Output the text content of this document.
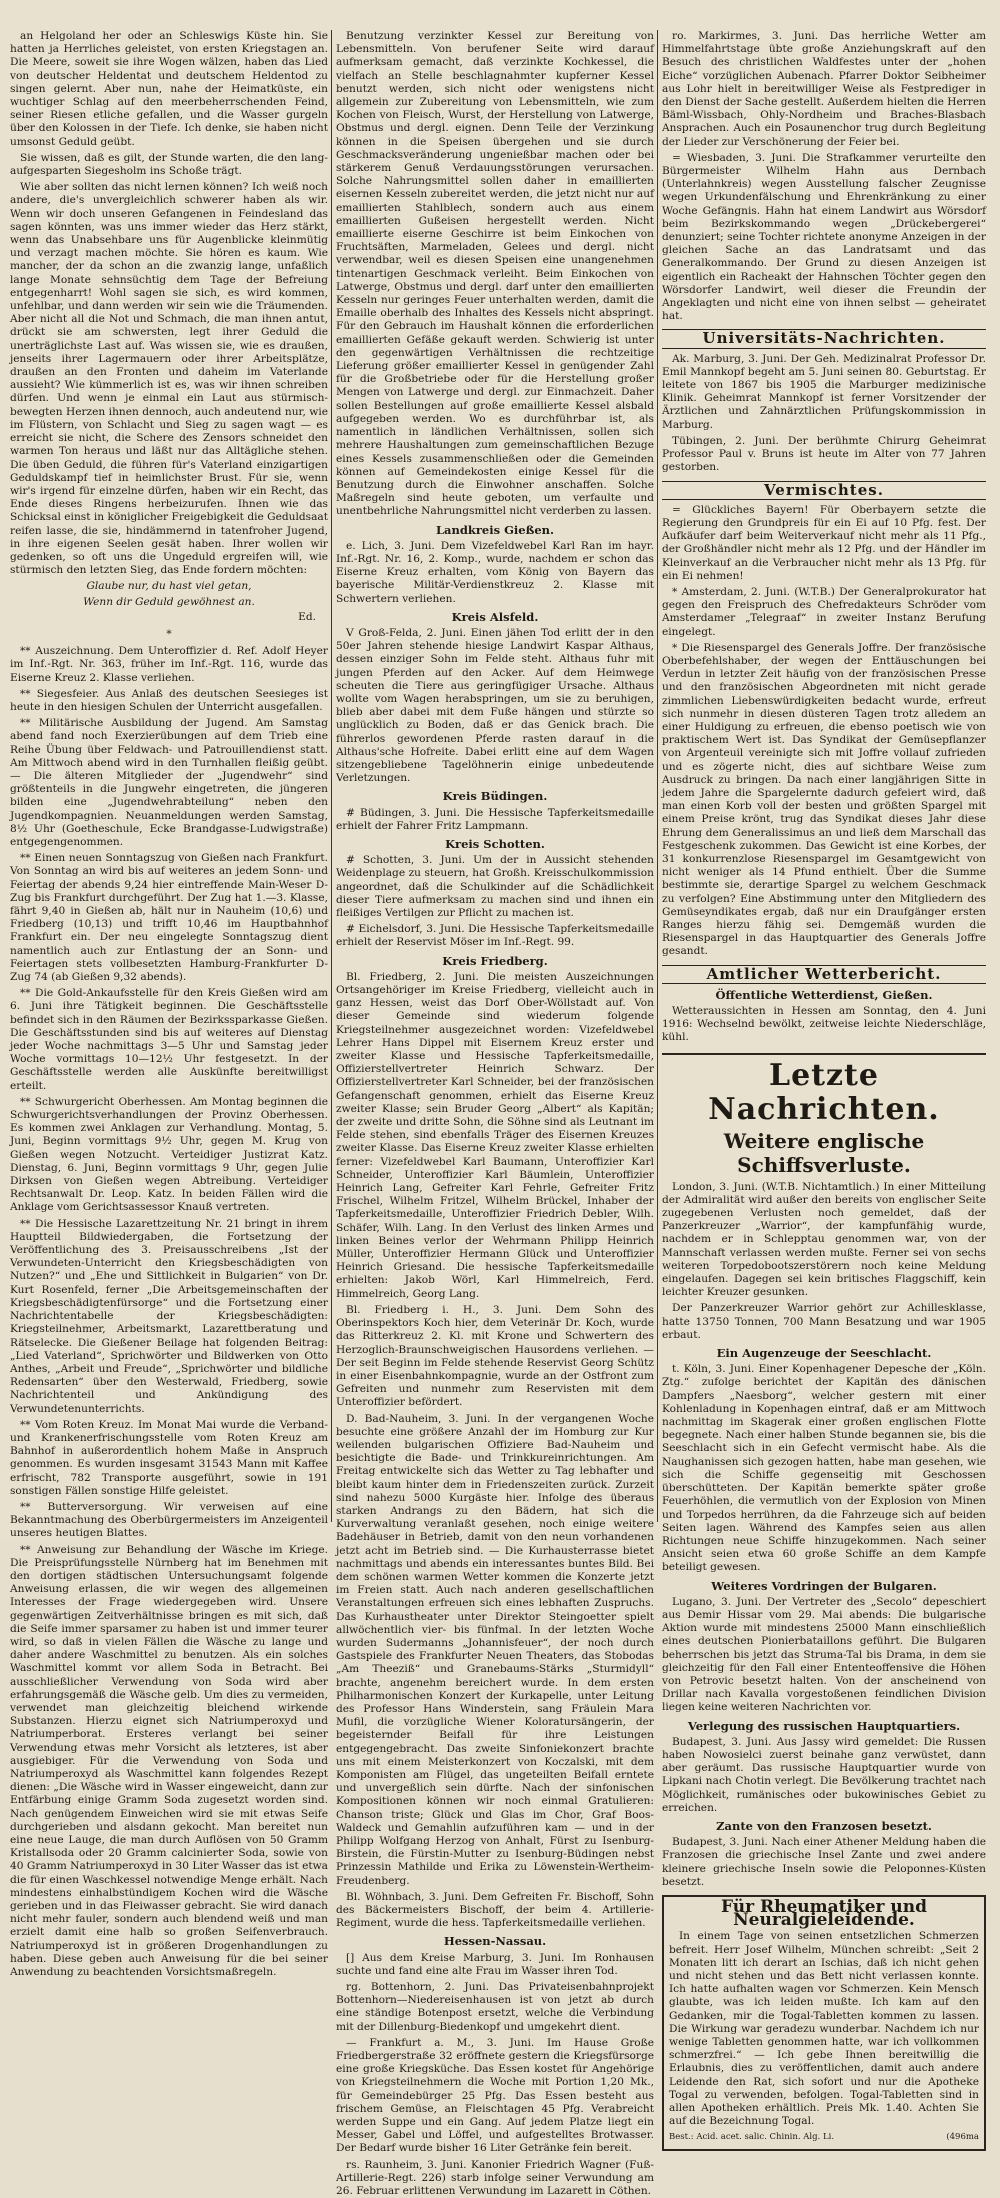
an Helgoland her oder an Schleswigs Küste hin. Sie hatten ja Herrliches geleistet, von ersten Kriegstagen an. Die Meere, soweit sie ihre Wogen wälzen, haben das Lied von deutscher Heldentat und deutschem Heldentod zu singen gelernt. Aber nun, nahe der Heimatküste, ein wuchtiger Schlag auf den meerbeherrschenden Feind, seiner Riesen etliche gefallen, und die Wasser gurgeln über den Kolossen in der Tiefe. Ich denke, sie haben nicht umsonst Geduld geübt.

Sie wissen, daß es gilt, der Stunde warten, die den lang-aufgesparten Siegesholm ins Schoße trägt.

Wie aber sollten das nicht lernen können? Ich weiß noch andere, die's unvergleichlich schwerer haben als wir. Wenn wir doch unseren Gefangenen in Feindesland das sagen könnten, was uns immer wieder das Herz stärkt, wenn das Unabsehbare uns für Augenblicke kleinmütig und verzagt machen möchte. Sie hören es kaum. Wie mancher, der da schon an die zwanzig lange, unfaßlich lange Monate sehnsüchtig dem Tage der Befreiung entgegenharrt! Wohl sagen sie sich, es wird kommen, unfehlbar, und dann werden wir sein wie die Träumenden. Aber nicht all die Not und Schmach, die man ihnen antut, drückt sie am schwersten, legt ihrer Geduld die unerträglichste Last auf. Was wissen sie, wie es draußen, jenseits ihrer Lagermauern oder ihrer Arbeitsplätze, draußen an den Fronten und daheim im Vaterlande aussieht? Wie kümmerlich ist es, was wir ihnen schreiben dürfen. Und wenn je einmal ein Laut aus stürmisch-bewegten Herzen ihnen dennoch, auch andeutend nur, wie im Flüstern, von Schlacht und Sieg zu sagen wagt — es erreicht sie nicht, die Schere des Zensors schneidet den warmen Ton heraus und läßt nur das Alltägliche stehen. Die üben Geduld, die führen für's Vaterland einzigartigen Geduldskampf tief in heimlichster Brust. Für sie, wenn wir's irgend für einzelne dürfen, haben wir ein Recht, das Ende dieses Ringens herbeizurufen. Ihnen wie das Schicksal einst in königlicher Freigebigkeit die Geduldsaat reifen lasse, die sie, hindämmernd in tatenfroher Jugend, in ihre eigenen Seelen gesät haben. Ihrer wollen wir gedenken, so oft uns die Ungeduld ergreifen will, wie stürmisch den letzten Sieg, das Ende fordern möchten:

Glaube nur, du hast viel getan,

Wenn dir Geduld gewöhnest an.

Ed.

*

** Auszeichnung. Dem Unteroffizier d. Ref. Adolf Heyer im Inf.-Rgt. Nr. 363, früher im Inf.-Rgt. 116, wurde das Eiserne Kreuz 2. Klasse verliehen.

** Siegesfeier. Aus Anlaß des deutschen Seesieges ist heute in den hiesigen Schulen der Unterricht ausgefallen.

** Militärische Ausbildung der Jugend. Am Samstag abend fand noch Exerzierübungen auf dem Trieb eine Reihe Übung über Feldwach- und Patrouillendienst statt. Am Mittwoch abend wird in den Turnhallen fleißig geübt. — Die älteren Mitglieder der „Jugendwehr“ sind größtenteils in die Jungwehr eingetreten, die jüngeren bilden eine „Jugendwehrabteilung“ neben den Jugendkompagnien. Neuanmeldungen werden Samstag, 8½ Uhr (Goetheschule, Ecke Brandgasse-Ludwigstraße) entgegengenommen.

** Einen neuen Sonntagszug von Gießen nach Frankfurt. Von Sonntag an wird bis auf weiteres an jedem Sonn- und Feiertag der abends 9,24 hier eintreffende Main-Weser D-Zug bis Frankfurt durchgeführt. Der Zug hat 1.—3. Klasse, fährt 9,40 in Gießen ab, hält nur in Nauheim (10,6) und Friedberg (10,13) und trifft 10,46 im Hauptbahnhof Frankfurt ein. Der neu eingelegte Sonntagszug dient namentlich auch zur Entlastung der an Sonn- und Feiertagen stets vollbesetzten Hamburg-Frankfurter D-Zug 74 (ab Gießen 9,32 abends).

** Die Gold-Ankaufsstelle für den Kreis Gießen wird am 6. Juni ihre Tätigkeit beginnen. Die Geschäftsstelle befindet sich in den Räumen der Bezirkssparkasse Gießen. Die Geschäftsstunden sind bis auf weiteres auf Dienstag jeder Woche nachmittags 3—5 Uhr und Samstag jeder Woche vormittags 10—12½ Uhr festgesetzt. In der Geschäftsstelle werden alle Auskünfte bereitwilligst erteilt.

** Schwurgericht Oberhessen. Am Montag beginnen die Schwurgerichtsverhandlungen der Provinz Oberhessen. Es kommen zwei Anklagen zur Verhandlung. Montag, 5. Juni, Beginn vormittags 9½ Uhr, gegen M. Krug von Gießen wegen Notzucht. Verteidiger Justizrat Katz. Dienstag, 6. Juni, Beginn vormittags 9 Uhr, gegen Julie Dirksen von Gießen wegen Abtreibung. Verteidiger Rechtsanwalt Dr. Leop. Katz. In beiden Fällen wird die Anklage vom Gerichtsassessor Knauß vertreten.

** Die Hessische Lazarettzeitung Nr. 21 bringt in ihrem Hauptteil Bildwiedergaben, die Fortsetzung der Veröffentlichung des 3. Preisausschreibens „Ist der Verwundeten-Unterricht den Kriegsbeschädigten von Nutzen?“ und „Ehe und Sittlichkeit in Bulgarien“ von Dr. Kurt Rosenfeld, ferner „Die Arbeitsgemeinschaften der Kriegsbeschädigtenfürsorge“ und die Fortsetzung einer Nachrichtentabelle der Kriegsbeschädigten: Kriegsteilnehmer, Arbeitsmarkt, Lazarettberatung und Rätselecke. Die Gießener Beilage hat folgenden Beitrag: „Lied Vaterland“, Sprichwörter und Bildwerken von Otto Anthes, „Arbeit und Freude“, „Sprichwörter und bildliche Redensarten“ über den Westerwald, Friedberg, sowie Nachrichtenteil und Ankündigung des Verwundetenunterrichts.

** Vom Roten Kreuz. Im Monat Mai wurde die Verband- und Krankenerfrischungsstelle vom Roten Kreuz am Bahnhof in außerordentlich hohem Maße in Anspruch genommen. Es wurden insgesamt 31543 Mann mit Kaffee erfrischt, 782 Transporte ausgeführt, sowie in 191 sonstigen Fällen sonstige Hilfe geleistet.

** Butterversorgung. Wir verweisen auf eine Bekanntmachung des Oberbürgermeisters im Anzeigenteil unseres heutigen Blattes.

** Anweisung zur Behandlung der Wäsche im Kriege. Die Preisprüfungsstelle Nürnberg hat im Benehmen mit den dortigen städtischen Untersuchungsamt folgende Anweisung erlassen, die wir wegen des allgemeinen Interesses der Frage wiedergegeben wird. Unsere gegenwärtigen Zeitverhältnisse bringen es mit sich, daß die Seife immer sparsamer zu haben ist und immer teurer wird, so daß in vielen Fällen die Wäsche zu lange und daher andere Waschmittel zu benutzen. Als ein solches Waschmittel kommt vor allem Soda in Betracht. Bei ausschließlicher Verwendung von Soda wird aber erfahrungsgemäß die Wäsche gelb. Um dies zu vermeiden, verwendet man gleichzeitig bleichend wirkende Substanzen. Hierzu eignet sich Natriumperoxyd und Natriumperborat. Ersteres verlangt bei seiner Verwendung etwas mehr Vorsicht als letzteres, ist aber ausgiebiger. Für die Verwendung von Soda und Natriumperoxyd als Waschmittel kann folgendes Rezept dienen: „Die Wäsche wird in Wasser eingeweicht, dann zur Entfärbung einige Gramm Soda zugesetzt worden sind. Nach genügendem Einweichen wird sie mit etwas Seife durchgerieben und alsdann gekocht. Man bereitet nun eine neue Lauge, die man durch Auflösen von 50 Gramm Kristallsoda oder 20 Gramm calcinierter Soda, sowie von 40 Gramm Natriumperoxyd in 30 Liter Wasser das ist etwa die für einen Waschkessel notwendige Menge erhält. Nach mindestens einhalbstündigem Kochen wird die Wäsche gerieben und in das Fleiwasser gebracht. Sie wird danach nicht mehr fauler, sondern auch blendend weiß und man erzielt damit eine halb so großen Seifenverbrauch. Natriumperoxyd ist in größeren Drogenhandlungen zu haben. Diese geben auch Anweisung für die bei seiner Anwendung zu beachtenden Vorsichtsmaßregeln.

Benutzung verzinkter Kessel zur Bereitung von Lebensmitteln. Von berufener Seite wird darauf aufmerksam gemacht, daß verzinkte Kochkessel, die vielfach an Stelle beschlagnahmter kupferner Kessel benutzt werden, sich nicht oder wenigstens nicht allgemein zur Zubereitung von Lebensmitteln, wie zum Kochen von Fleisch, Wurst, der Herstellung von Latwerge, Obstmus und dergl. eignen. Denn Teile der Verzinkung können in die Speisen übergehen und sie durch Geschmacksveränderung ungenießbar machen oder bei stärkerem Genuß Verdauungsstörungen verursachen. Solche Nahrungsmittel sollen daher in emaillierten eisernen Kesseln zubereitet werden, die jetzt nicht nur auf emaillierten Stahlblech, sondern auch aus einem emaillierten Gußeisen hergestellt werden. Nicht emaillierte eiserne Geschirre ist beim Einkochen von Fruchtsäften, Marmeladen, Gelees und dergl. nicht verwendbar, weil es diesen Speisen eine unangenehmen tintenartigen Geschmack verleiht. Beim Einkochen von Latwerge, Obstmus und dergl. darf unter den emaillierten Kesseln nur geringes Feuer unterhalten werden, damit die Emaille oberhalb des Inhaltes des Kessels nicht abspringt. Für den Gebrauch im Haushalt können die erforderlichen emaillierten Gefäße gekauft werden. Schwierig ist unter den gegenwärtigen Verhältnissen die rechtzeitige Lieferung größer emaillierter Kessel in genügender Zahl für die Großbetriebe oder für die Herstellung großer Mengen von Latwerge und dergl. zur Einmachzeit. Daher sollen Bestellungen auf große emaillierte Kessel alsbald aufgegeben werden. Wo es durchführbar ist, als namentlich in ländlichen Verhältnissen, sollen sich mehrere Haushaltungen zum gemeinschaftlichen Bezuge eines Kessels zusammenschließen oder die Gemeinden können auf Gemeindekosten einige Kessel für die Benutzung durch die Einwohner anschaffen. Solche Maßregeln sind heute geboten, um verfaulte und unentbehrliche Nahrungsmittel nicht verderben zu lassen.

Landkreis Gießen.

e. Lich, 3. Juni. Dem Vizefeldwebel Karl Ran im hayr. Inf.-Rgt. Nr. 16, 2. Komp., wurde, nachdem er schon das Eiserne Kreuz erhalten, vom König von Bayern das bayerische Militär-Verdienstkreuz 2. Klasse mit Schwertern verliehen.

Kreis Alsfeld.

V Groß-Felda, 2. Juni. Einen jähen Tod erlitt der in den 50er Jahren stehende hiesige Landwirt Kaspar Althaus, dessen einziger Sohn im Felde steht. Althaus fuhr mit jungen Pferden auf den Acker. Auf dem Heimwege scheuten die Tiere aus geringfügiger Ursache. Althaus wollte vom Wagen herabspringen, um sie zu beruhigen, blieb aber dabei mit dem Fuße hängen und stürzte so unglücklich zu Boden, daß er das Genick brach. Die führerlos gewordenen Pferde rasten darauf in die Althaus'sche Hofreite. Dabei erlitt eine auf dem Wagen sitzengebliebene Tagelöhnerin einige unbedeutende Verletzungen.

Kreis Büdingen.

# Büdingen, 3. Juni. Die Hessische Tapferkeitsmedaille erhielt der Fahrer Fritz Lampmann.

Kreis Schotten.

# Schotten, 3. Juni. Um der in Aussicht stehenden Weidenplage zu steuern, hat Großh. Kreisschulkommission angeordnet, daß die Schulkinder auf die Schädlichkeit dieser Tiere aufmerksam zu machen sind und ihnen ein fleißiges Vertilgen zur Pflicht zu machen ist.

# Eichelsdorf, 3. Juni. Die Hessische Tapferkeitsmedaille erhielt der Reservist Möser im Inf.-Regt. 99.

Kreis Friedberg.

Bl. Friedberg, 2. Juni. Die meisten Auszeichnungen Ortsangehöriger im Kreise Friedberg, vielleicht auch in ganz Hessen, weist das Dorf Ober-Wöllstadt auf. Von dieser Gemeinde sind wiederum folgende Kriegsteilnehmer ausgezeichnet worden: Vizefeldwebel Lehrer Hans Dippel mit Eisernem Kreuz erster und zweiter Klasse und Hessische Tapferkeitsmedaille, Offizierstellvertreter Heinrich Schwarz. Der Offizierstellvertreter Karl Schneider, bei der französischen Gefangenschaft genommen, erhielt das Eiserne Kreuz zweiter Klasse; sein Bruder Georg „Albert“ als Kapitän; der zweite und dritte Sohn, die Söhne sind als Leutnant im Felde stehen, sind ebenfalls Träger des Eisernen Kreuzes zweiter Klasse. Das Eiserne Kreuz zweiter Klasse erhielten ferner: Vizefeldwebel Karl Baumann, Unteroffizier Karl Schneider, Unteroffizier Karl Bäumlein, Unteroffizier Heinrich Lang, Gefreiter Karl Fehrle, Gefreiter Fritz Frischel, Wilhelm Fritzel, Wilhelm Brückel, Inhaber der Tapferkeitsmedaille, Unteroffizier Friedrich Debler, Wilh. Schäfer, Wilh. Lang. In den Verlust des linken Armes und linken Beines verlor der Wehrmann Philipp Heinrich Müller, Unteroffizier Hermann Glück und Unteroffizier Heinrich Griesand. Die hessische Tapferkeitsmedaille erhielten: Jakob Wörl, Karl Himmelreich, Ferd. Himmelreich, Georg Lang.

Bl. Friedberg i. H., 3. Juni. Dem Sohn des Oberinspektors Koch hier, dem Veterinär Dr. Koch, wurde das Ritterkreuz 2. Kl. mit Krone und Schwertern des Herzoglich-Braunschweigischen Hausordens verliehen. — Der seit Beginn im Felde stehende Reservist Georg Schütz in einer Eisenbahnkompagnie, wurde an der Ostfront zum Gefreiten und nunmehr zum Reservisten mit dem Unteroffizier befördert.

D. Bad-Nauheim, 3. Juni. In der vergangenen Woche besuchte eine größere Anzahl der im Homburg zur Kur weilenden bulgarischen Offiziere Bad-Nauheim und besichtigte die Bade- und Trinkkureinrichtungen. Am Freitag entwickelte sich das Wetter zu Tag lebhafter und bleibt kaum hinter dem in Friedenszeiten zurück. Zurzeit sind nahezu 5000 Kurgäste hier. Infolge des überaus starken Andrangs zu den Bädern, hat sich die Kurverwaltung veranlaßt gesehen, noch einige weitere Badehäuser in Betrieb, damit von den neun vorhandenen jetzt acht im Betrieb sind. — Die Kurhausterrasse bietet nachmittags und abends ein interessantes buntes Bild. Bei dem schönen warmen Wetter kommen die Konzerte jetzt im Freien statt. Auch nach anderen gesellschaftlichen Veranstaltungen erfreuen sich eines lebhaften Zuspruchs. Das Kurhaustheater unter Direktor Steingoetter spielt allwöchentlich vier- bis fünfmal. In der letzten Woche wurden Sudermanns „Johannisfeuer“, der noch durch Gastspiele des Frankfurter Neuen Theaters, das Stobodas „Am Theeziß“ und Granebaums-Stärks „Sturmidyll“ brachte, angenehm bereichert wurde. In dem ersten Philharmonischen Konzert der Kurkapelle, unter Leitung des Professor Hans Winderstein, sang Fräulein Mara Mufil, die vorzügliche Wiener Koloratursängerin, der begeisternder Beifall für ihre Leistungen entgegengebracht. Das zweite Sinfoniekonzert brachte uns mit einem Meisterkonzert von Koczalski, mit dem Komponisten am Flügel, das ungeteilten Beifall erntete und unvergeßlich sein dürfte. Nach der sinfonischen Kompositionen können wir noch einmal Gratulieren: Chanson triste; Glück und Glas im Chor, Graf Boos-Waldeck und Gemahlin aufzuführen kam — und in der Philipp Wolfgang Herzog von Anhalt, Fürst zu Isenburg-Birstein, die Fürstin-Mutter zu Isenburg-Büdingen nebst Prinzessin Mathilde und Erika zu Löwenstein-Wertheim-Freudenberg.

Bl. Wöhnbach, 3. Juni. Dem Gefreiten Fr. Bischoff, Sohn des Bäckermeisters Bischoff, der beim 4. Artillerie-Regiment, wurde die hess. Tapferkeitsmedaille verliehen.

Hessen-Nassau.

[] Aus dem Kreise Marburg, 3. Juni. Im Ronhausen suchte und fand eine alte Frau im Wasser ihren Tod.

rg. Bottenhorn, 2. Juni. Das Privateisenbahnprojekt Bottenhorn—Niedereisenhausen ist von jetzt ab durch eine ständige Botenpost ersetzt, welche die Verbindung mit der Dillenburg-Biedenkopf und umgekehrt dient.

— Frankfurt a. M., 3. Juni. Im Hause Große Friedbergerstraße 32 eröffnete gestern die Kriegsfürsorge eine große Kriegsküche. Das Essen kostet für Angehörige von Kriegsteilnehmern die Woche mit Portion 1,20 Mk., für Gemeindebürger 25 Pfg. Das Essen besteht aus frischem Gemüse, an Fleischtagen 45 Pfg. Verabreicht werden Suppe und ein Gang. Auf jedem Platze liegt ein Messer, Gabel und Löffel, und aufgestelltes Brotwasser. Der Bedarf wurde bisher 16 Liter Getränke fein bereit.

rs. Raunheim, 3. Juni. Kanonier Friedrich Wagner (Fuß-Artillerie-Regt. 226) starb infolge seiner Verwundung am 26. Februar erlittenen Verwundung im Lazarett in Cöthen.

ro. Markirmes, 3. Juni. Das herrliche Wetter am Himmelfahrtstage übte große Anziehungskraft auf den Besuch des christlichen Waldfestes unter der „hohen Eiche“ vorzüglichen Aubenach. Pfarrer Doktor Seibheimer aus Lohr hielt in bereitwilliger Weise als Festprediger in den Dienst der Sache gestellt. Außerdem hielten die Herren Bäml-Wissbach, Ohly-Nordheim und Braches-Blasbach Ansprachen. Auch ein Posaunenchor trug durch Begleitung der Lieder zur Verschönerung der Feier bei.

= Wiesbaden, 3. Juni. Die Strafkammer verurteilte den Bürgermeister Wilhelm Hahn aus Dernbach (Unterlahnkreis) wegen Ausstellung falscher Zeugnisse wegen Urkundenfälschung und Ehrenkränkung zu einer Woche Gefängnis. Hahn hat einem Landwirt aus Wörsdorf beim Bezirkskommando wegen „Drückebergerei“ denunziert; seine Tochter richtete anonyme Anzeigen in der gleichen Sache an das Landratsamt und das Generalkommando. Der Grund zu diesen Anzeigen ist eigentlich ein Racheakt der Hahnschen Töchter gegen den Wörsdorfer Landwirt, weil dieser die Freundin der Angeklagten und nicht eine von ihnen selbst — geheiratet hat.

Universitäts-Nachrichten.

Ak. Marburg, 3. Juni. Der Geh. Medizinalrat Professor Dr. Emil Mannkopf begeht am 5. Juni seinen 80. Geburtstag. Er leitete von 1867 bis 1905 die Marburger medizinische Klinik. Geheimrat Mannkopf ist ferner Vorsitzender der Ärztlichen und Zahnärztlichen Prüfungskommission in Marburg.

Tübingen, 2. Juni. Der berühmte Chirurg Geheimrat Professor Paul v. Bruns ist heute im Alter von 77 Jahren gestorben.

Vermischtes.

= Glückliches Bayern! Für Oberbayern setzte die Regierung den Grundpreis für ein Ei auf 10 Pfg. fest. Der Aufkäufer darf beim Weiterverkauf nicht mehr als 11 Pfg., der Großhändler nicht mehr als 12 Pfg. und der Händler im Kleinverkauf an die Verbraucher nicht mehr als 13 Pfg. für ein Ei nehmen!

* Amsterdam, 2. Juni. (W.T.B.) Der Generalprokurator hat gegen den Freispruch des Chefredakteurs Schröder vom Amsterdamer „Telegraaf“ in zweiter Instanz Berufung eingelegt.

* Die Riesenspargel des Generals Joffre. Der französische Oberbefehlshaber, der wegen der Enttäuschungen bei Verdun in letzter Zeit häufig von der französischen Presse und den französischen Abgeordneten mit nicht gerade zimmlichen Liebenswürdigkeiten bedacht wurde, erfreut sich nunmehr in diesen düsteren Tagen trotz alledem an einer Huldigung zu erfreuen, die ebenso poetisch wie von praktischem Wert ist. Das Syndikat der Gemüsepflanzer von Argenteuil vereinigte sich mit Joffre vollauf zufrieden und es zögerte nicht, dies auf sichtbare Weise zum Ausdruck zu bringen. Da nach einer langjährigen Sitte in jedem Jahre die Spargelernte dadurch gefeiert wird, daß man einen Korb voll der besten und größten Spargel mit einem Preise krönt, trug das Syndikat dieses Jahr diese Ehrung dem Generalissimus an und ließ dem Marschall das Festgeschenk zukommen. Das Gewicht ist eine Korbes, der 31 konkurrenzlose Riesenspargel im Gesamtgewicht von nicht weniger als 14 Pfund enthielt. Über die Summe bestimmte sie, derartige Spargel zu welchem Geschmack zu verfolgen? Eine Abstimmung unter den Mitgliedern des Gemüseyndikates ergab, daß nur ein Draufgänger ersten Ranges hierzu fähig sei. Demgemäß wurden die Riesenspargel in das Hauptquartier des Generals Joffre gesandt.

Amtlicher Wetterbericht.
Öffentliche Wetterdienst, Gießen.

Wetteraussichten in Hessen am Sonntag, den 4. Juni 1916: Wechselnd bewölkt, zeitweise leichte Niederschläge, kühl.

Letzte Nachrichten.
Weitere englische Schiffsverluste.

London, 3. Juni. (W.T.B. Nichtamtlich.) In einer Mitteilung der Admiralität wird außer den bereits von englischer Seite zugegebenen Verlusten noch gemeldet, daß der Panzerkreuzer „Warrior“, der kampfunfähig wurde, nachdem er in Schlepptau genommen war, von der Mannschaft verlassen werden mußte. Ferner sei von sechs weiteren Torpedobootszerstörern noch keine Meldung eingelaufen. Dagegen sei kein britisches Flaggschiff, kein leichter Kreuzer gesunken.

Der Panzerkreuzer Warrior gehört zur Achillesklasse, hatte 13750 Tonnen, 700 Mann Besatzung und war 1905 erbaut.

Ein Augenzeuge der Seeschlacht.

t. Köln, 3. Juni. Einer Kopenhagener Depesche der „Köln. Ztg.“ zufolge berichtet der Kapitän des dänischen Dampfers „Naesborg“, welcher gestern mit einer Kohlenladung in Kopenhagen eintraf, daß er am Mittwoch nachmittag im Skagerak einer großen englischen Flotte begegnete. Nach einer halben Stunde begannen sie, bis die Seeschlacht sich in ein Gefecht vermischt habe. Als die Naughanissen sich gezogen hatten, habe man gesehen, wie sich die Schiffe gegenseitig mit Geschossen überschütteten. Der Kapitän bemerkte später große Feuerhöhlen, die vermutlich von der Explosion von Minen und Torpedos herrühren, da die Fahrzeuge sich auf beiden Seiten lagen. Während des Kampfes seien aus allen Richtungen neue Schiffe hinzugekommen. Nach seiner Ansicht seien etwa 60 große Schiffe an dem Kampfe beteiligt gewesen.

Weiteres Vordringen der Bulgaren.

Lugano, 3. Juni. Der Vertreter des „Secolo“ depeschiert aus Demir Hissar vom 29. Mai abends: Die bulgarische Aktion wurde mit mindestens 25000 Mann einschließlich eines deutschen Pionierbataillons geführt. Die Bulgaren beherrschen bis jetzt das Struma-Tal bis Drama, in dem sie gleichzeitig für den Fall einer Ententeoffensive die Höhen von Petrovic besetzt halten. Von der anscheinend von Drillar nach Kavalla vorgestoßenen feindlichen Division liegen keine weiteren Nachrichten vor.

Verlegung des russischen Hauptquartiers.

Budapest, 3. Juni. Aus Jassy wird gemeldet: Die Russen haben Nowosielci zuerst beinahe ganz verwüstet, dann aber geräumt. Das russische Hauptquartier wurde von Lipkani nach Chotin verlegt. Die Bevölkerung trachtet nach Möglichkeit, rumänisches oder bukowinisches Gebiet zu erreichen.

Zante von den Franzosen besetzt.

Budapest, 3. Juni. Nach einer Athener Meldung haben die Franzosen die griechische Insel Zante und zwei andere kleinere griechische Inseln sowie die Peloponnes-Küsten besetzt.

Für Rheumatiker und Neuralgieleidende.

In einem Tage von seinen entsetzlichen Schmerzen befreit. Herr Josef Wilhelm, München schreibt: „Seit 2 Monaten litt ich derart an Ischias, daß ich nicht gehen und nicht stehen und das Bett nicht verlassen konnte. Ich hatte aufhalten wagen vor Schmerzen. Kein Mensch glaubte, was ich leiden mußte. Ich kam auf den Gedanken, mir die Togal-Tabletten kommen zu lassen. Die Wirkung war geradezu wunderbar. Nachdem ich nur wenige Tabletten genommen hatte, war ich vollkommen schmerzfrei.“ — Ich gebe Ihnen bereitwillig die Erlaubnis, dies zu veröffentlichen, damit auch andere Leidende den Rat, sich sofort und nur die Apotheke Togal zu verwenden, befolgen. Togal-Tabletten sind in allen Apotheken erhältlich. Preis Mk. 1.40. Achten Sie auf die Bezeichnung Togal.

Best.: Acid. acet. salic. Chinin. Alg. Li.	(496ma
